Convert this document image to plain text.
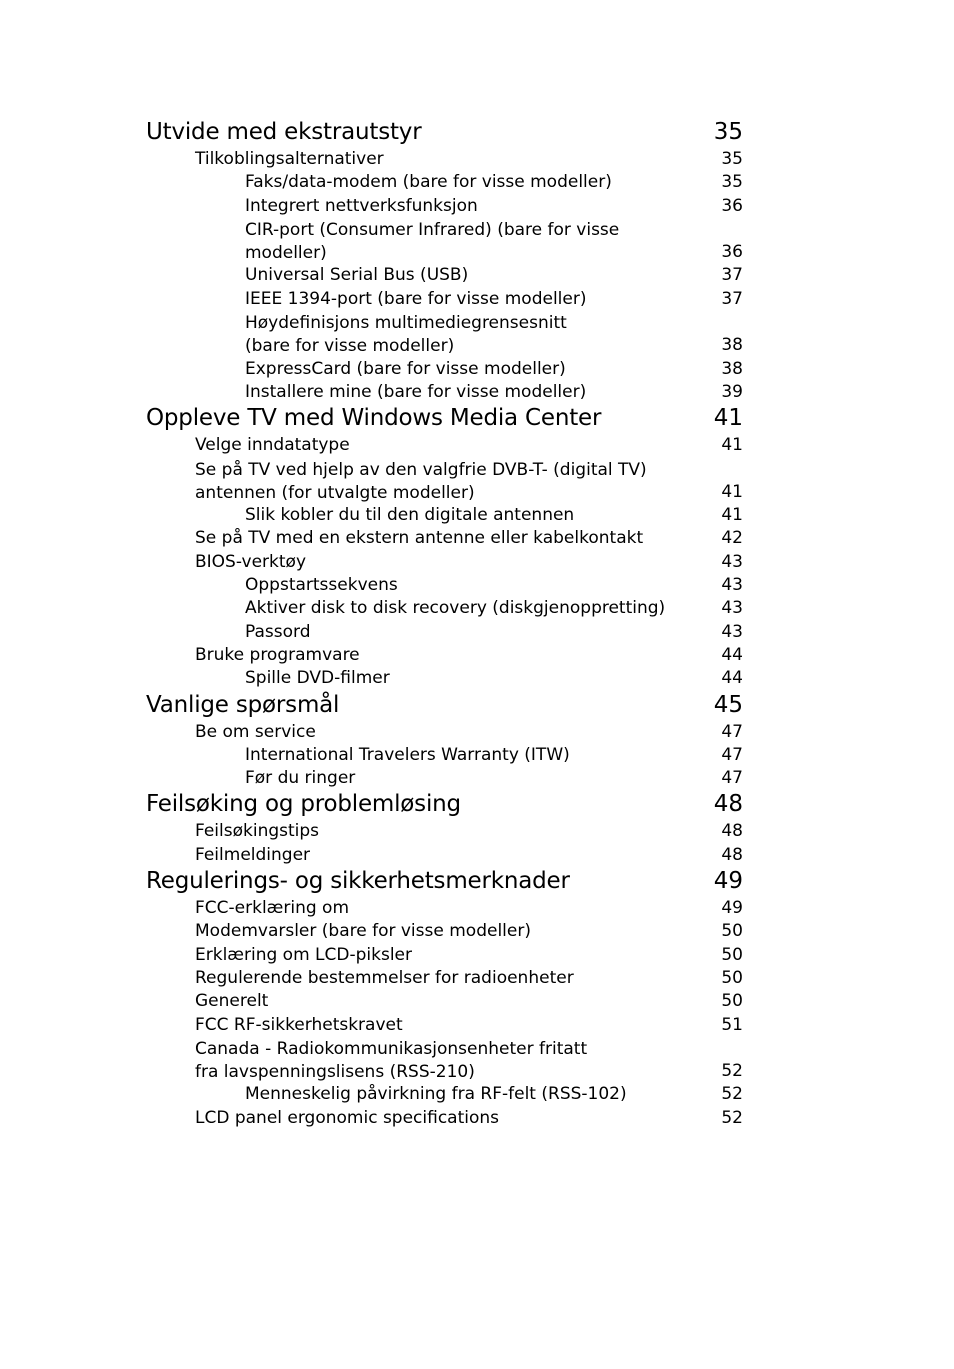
Utvide med ekstrautstyr	35
Tilkoblingsalternativer	35
Faks/data-modem (bare for visse modeller)	35
Integrert nettverksfunksjon	36
CIR-port (Consumer Infrared) (bare for visse
modeller)	36
Universal Serial Bus (USB)	37
IEEE 1394-port (bare for visse modeller)	37
Høydefinisjons multimediegrensesnitt
(bare for visse modeller)	38
ExpressCard (bare for visse modeller)	38
Installere mine (bare for visse modeller)	39
Oppleve TV med Windows Media Center	41
Velge inndatatype	41
Se på TV ved hjelp av den valgfrie DVB-T- (digital TV)
antennen (for utvalgte modeller)	41
Slik kobler du til den digitale antennen	41
Se på TV med en ekstern antenne eller kabelkontakt	42
BIOS-verktøy	43
Oppstartssekvens	43
Aktiver disk to disk recovery (diskgjenoppretting)	43
Passord	43
Bruke programvare	44
Spille DVD-filmer	44
Vanlige spørsmål	45
Be om service	47
International Travelers Warranty (ITW)	47
Før du ringer	47
Feilsøking og problemløsing	48
Feilsøkingstips	48
Feilmeldinger	48
Regulerings- og sikkerhetsmerknader	49
FCC-erklæring om	49
Modemvarsler (bare for visse modeller)	50
Erklæring om LCD-piksler	50
Regulerende bestemmelser for radioenheter	50
Generelt	50
FCC RF-sikkerhetskravet	51
Canada - Radiokommunikasjonsenheter fritatt
fra lavspenningslisens (RSS-210)	52
Menneskelig påvirkning fra RF-felt (RSS-102)	52
LCD panel ergonomic specifications	52
